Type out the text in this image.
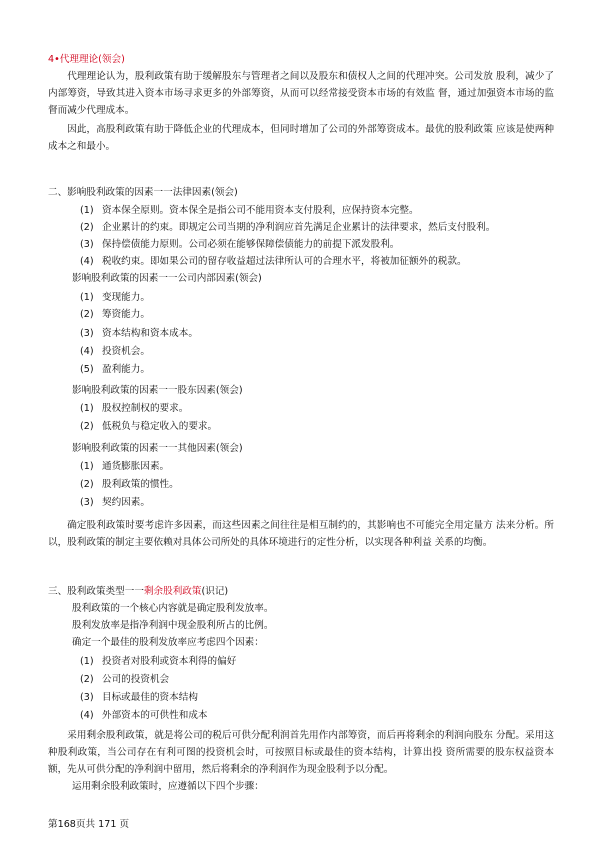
4•代理理论(领会)
代理理论认为，股利政策有助于缓解股东与管理者之间以及股东和债权人之间的代理冲突。公司发放 股利，减少了内部筹资，导致其进入资本市场寻求更多的外部筹资，从而可以经常接受资本市场的有效监 督，通过加强资本市场的监督而减少代理成本。
因此，高股利政策有助于降低企业的代理成本，但同时增加了公司的外部筹资成本。最优的股利政策 应该是使两种成本之和最小。
二、影响股利政策的因素一一法律因素(领会)
(1) 资本保全原则。资本保全是指公司不能用资本支付股利，应保持资本完整。
(2) 企业累计的约束。即规定公司当期的净利润应首先满足企业累计的法律要求，然后支付股利。
(3) 保持偿债能力原则。公司必须在能够保障偿债能力的前提下派发股利。
(4) 税收约束。即如果公司的留存收益超过法律所认可的合理水平，将被加征额外的税款。
影响股利政策的因素一一公司内部因素(领会)
(1) 变现能力。
(2) 筹资能力。
(3) 资本结构和资本成本。
(4) 投资机会。
(5) 盈利能力。
影响股利政策的因素一一股东因素(领会)
(1) 股权控制权的要求。
(2) 低税负与稳定收入的要求。
影响股利政策的因素一一其他因素(领会)
(1) 通货膨胀因素。
(2) 股利政策的惯性。
(3) 契约因素。
确定股利政策时要考虑许多因素，而这些因素之间往往是相互制约的，其影响也不可能完全用定量方 法来分析。所以，股利政策的制定主要依赖对具体公司所处的具体环境进行的定性分析，以实现各种利益 关系的均衡。
三、股利政策类型一一剩余股利政策(识记)
股利政策的一个核心内容就是确定股利发放率。
股利发放率是指净利润中现金股利所占的比例。
确定一个最佳的股利发放率应考虑四个因素：
(1) 投资者对股利或资本利得的偏好
(2) 公司的投资机会
(3) 目标或最佳的资本结构
(4) 外部资本的可供性和成本
采用剩余股利政策，就是将公司的税后可供分配利润首先用作内部筹资，而后再将剩余的利润向股东 分配。采用这种股利政策，当公司存在有利可图的投资机会时，可按照目标或最佳的资本结构，计算出投 资所需要的股东权益资本额，先从可供分配的净利润中留用，然后将剩余的净利润作为现金股利予以分配。
运用剩余股利政策时，应遵循以下四个步骤：
第168页共 171 页
